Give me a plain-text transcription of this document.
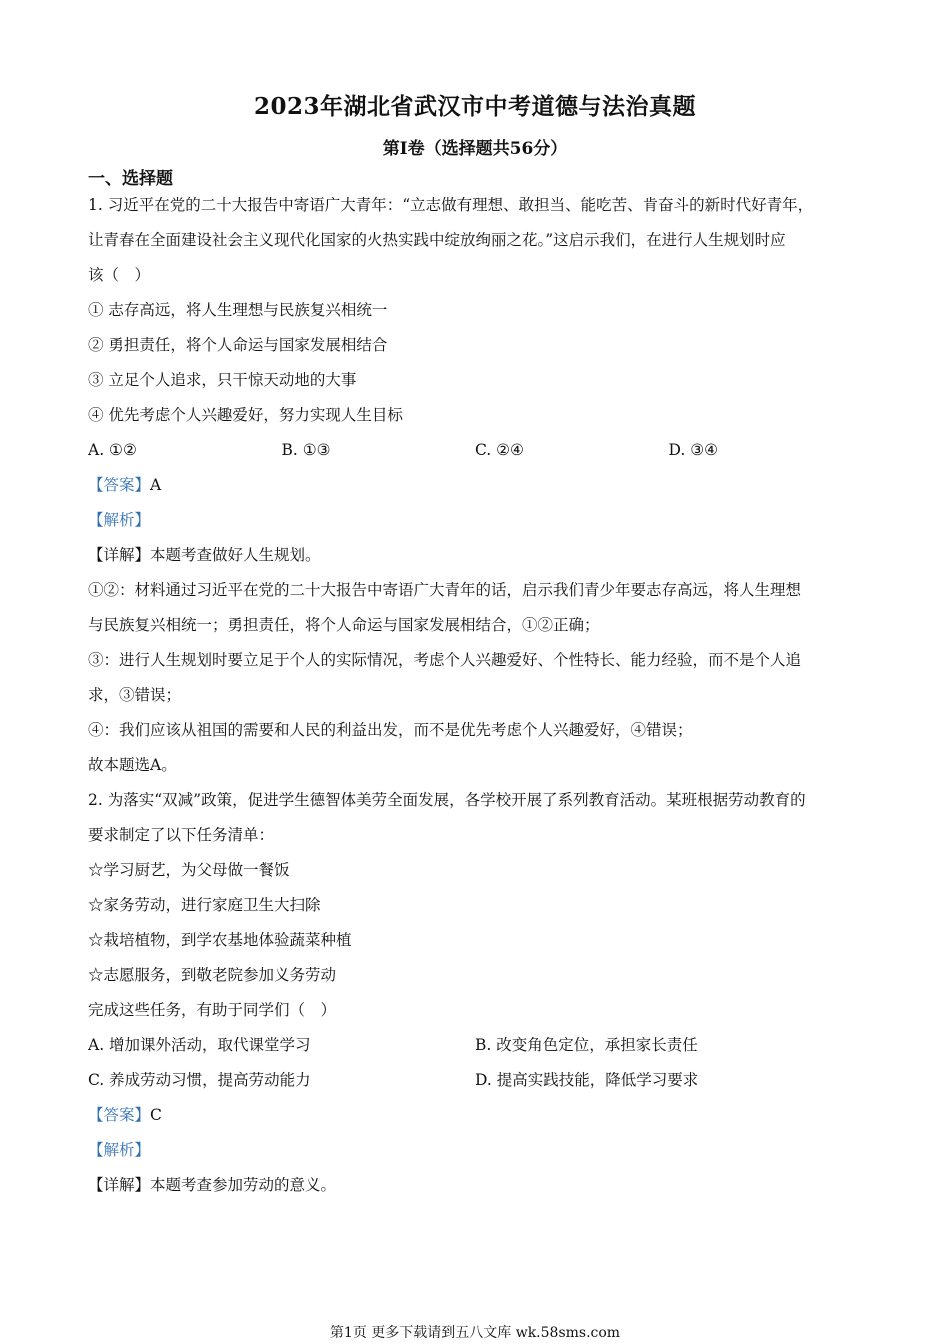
2023年湖北省武汉市中考道德与法治真题
第I卷（选择题共56分）
一、选择题
1. 习近平在党的二十大报告中寄语广大青年：“立志做有理想、敢担当、能吃苦、肯奋斗的新时代好青年，
让青春在全面建设社会主义现代化国家的火热实践中绽放绚丽之花。”这启示我们，在进行人生规划时应
该（　）
① 志存高远，将人生理想与民族复兴相统一
② 勇担责任，将个人命运与国家发展相结合
③ 立足个人追求，只干惊天动地的大事
④ 优先考虑个人兴趣爱好，努力实现人生目标
A. ①②	B. ①③	C. ②④	D. ③④
【答案】A
【解析】
【详解】本题考查做好人生规划。
①②：材料通过习近平在党的二十大报告中寄语广大青年的话，启示我们青少年要志存高远，将人生理想
与民族复兴相统一；勇担责任，将个人命运与国家发展相结合，①②正确；
③：进行人生规划时要立足于个人的实际情况，考虑个人兴趣爱好、个性特长、能力经验，而不是个人追
求，③错误；
④：我们应该从祖国的需要和人民的利益出发，而不是优先考虑个人兴趣爱好，④错误；
故本题选A。
2. 为落实“双减”政策，促进学生德智体美劳全面发展，各学校开展了系列教育活动。某班根据劳动教育的
要求制定了以下任务清单：
☆学习厨艺，为父母做一餐饭
☆家务劳动，进行家庭卫生大扫除
☆栽培植物，到学农基地体验蔬菜种植
☆志愿服务，到敬老院参加义务劳动
完成这些任务，有助于同学们（　）
A. 增加课外活动，取代课堂学习	B. 改变角色定位，承担家长责任
C. 养成劳动习惯，提高劳动能力	D. 提高实践技能，降低学习要求
【答案】C
【解析】
【详解】本题考查参加劳动的意义。
第1页 更多下载请到五八文库 wk.58sms.com
